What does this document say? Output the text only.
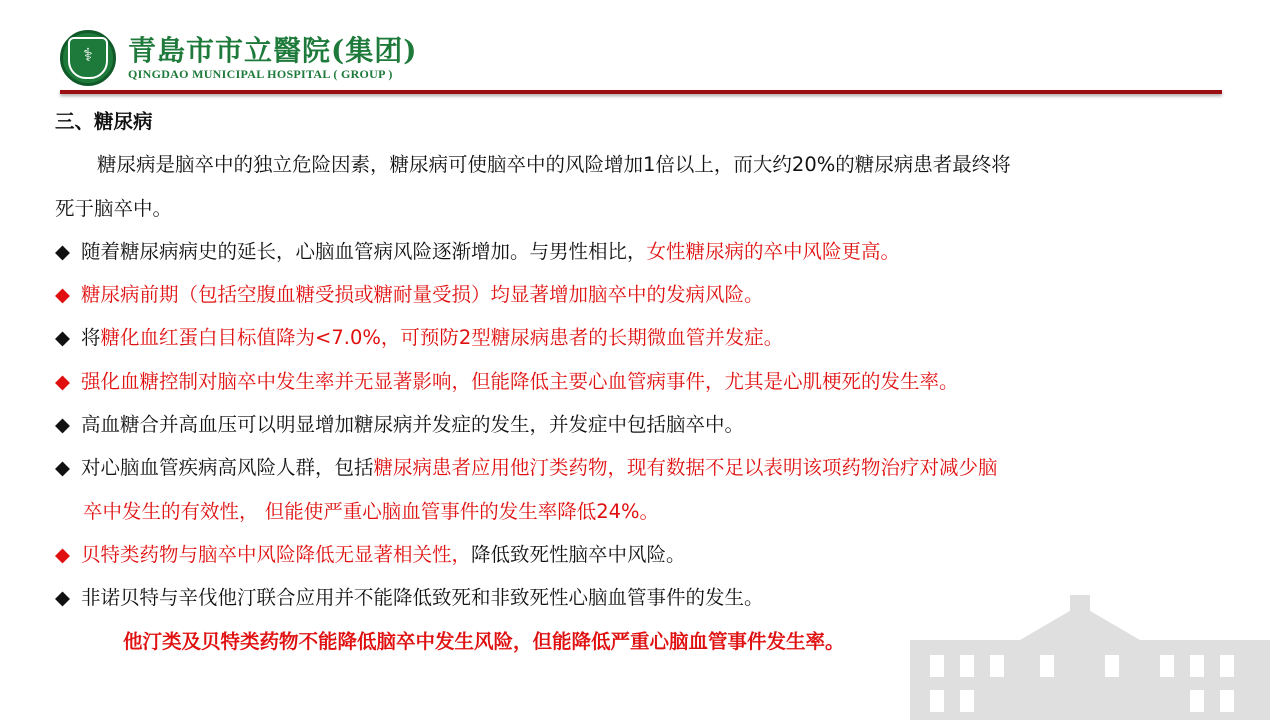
⚕	青島市市立醫院(集团)
QINGDAO MUNICIPAL HOSPITAL ( GROUP )
三、糖尿病
糖尿病是脑卒中的独立危险因素，糖尿病可使脑卒中的风险增加1倍以上，而大约20%的糖尿病患者最终将
死于脑卒中。
◆ 随着糖尿病病史的延长，心脑血管病风险逐渐增加。与男性相比，女性糖尿病的卒中风险更高。
◆ 糖尿病前期（包括空腹血糖受损或糖耐量受损）均显著增加脑卒中的发病风险。
◆ 将糖化血红蛋白目标值降为<7.0%，可预防2型糖尿病患者的长期微血管并发症。
◆ 强化血糖控制对脑卒中发生率并无显著影响，但能降低主要心血管病事件，尤其是心肌梗死的发生率。
◆ 高血糖合并高血压可以明显增加糖尿病并发症的发生，并发症中包括脑卒中。
◆ 对心脑血管疾病高风险人群，包括糖尿病患者应用他汀类药物，现有数据不足以表明该项药物治疗对减少脑
卒中发生的有效性， 但能使严重心脑血管事件的发生率降低24%。
◆ 贝特类药物与脑卒中风险降低无显著相关性，降低致死性脑卒中风险。
◆ 非诺贝特与辛伐他汀联合应用并不能降低致死和非致死性心脑血管事件的发生。
他汀类及贝特类药物不能降低脑卒中发生风险，但能降低严重心脑血管事件发生率。
